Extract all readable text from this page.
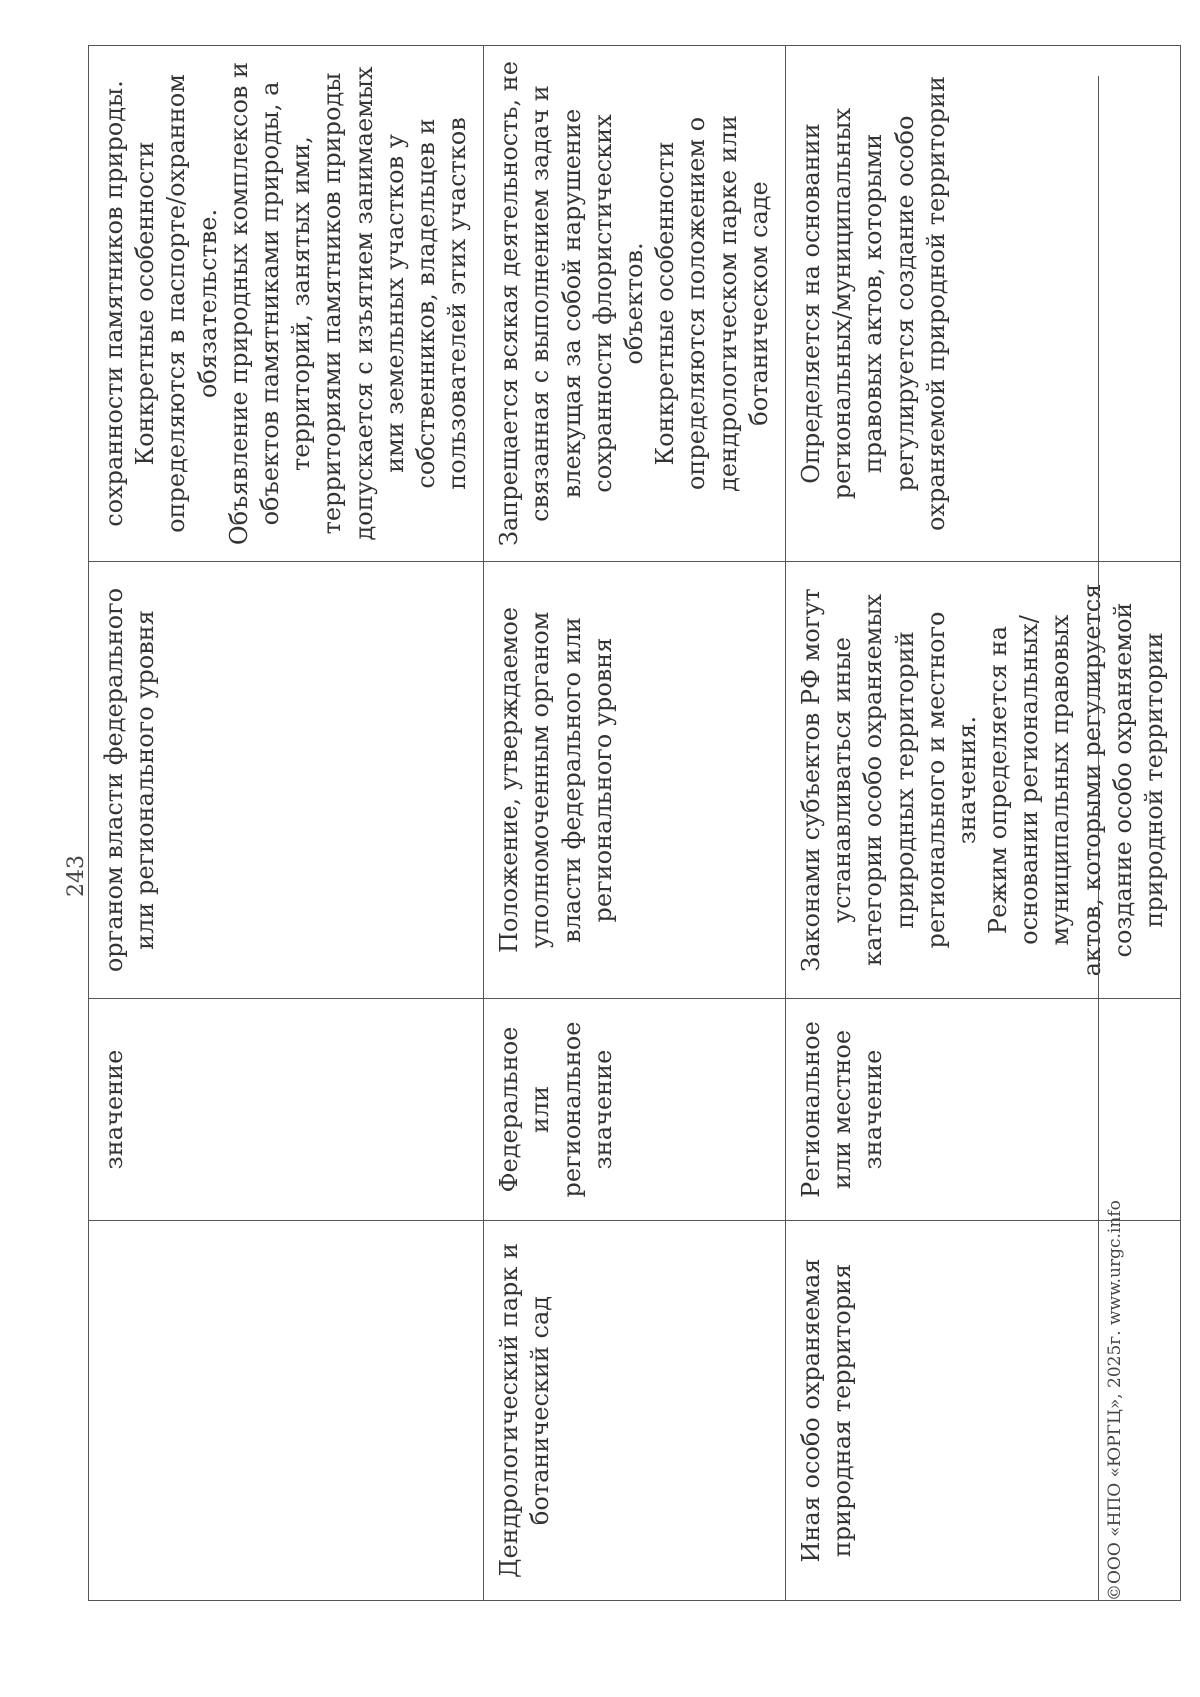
243
	значение	органом власти федерального или регионального уровня	сохранности памятников природы. Конкретные особенности определяются в паспорте/охранном обязательстве. Объявление природных комплексов и объектов памятниками природы, а территорий, занятых ими, территориями памятников природы допускается с изъятием занимаемых ими земельных участков у собственников, владельцев и пользователей этих участков

Дендрологический парк и ботанический сад	Федеральное или региональное значение	Положение, утверждаемое уполномоченным органом власти федерального или регионального уровня	Запрещается всякая деятельность, не связанная с выполнением задач и влекущая за собой нарушение сохранности флористических объектов. Конкретные особенности определяются положением о дендрологическом парке или ботаническом саде

Иная особо охраняемая природная территория	Региональное или местное значение	Законами субъектов РФ могут устанавливаться иные категории особо охраняемых природных территорий регионального и местного значения. Режим определяется на основании региональных/муниципальных правовых актов, которыми регулируется создание особо охраняемой природной территории	Определяется на основании региональных/муниципальных правовых актов, которыми регулируется создание особо охраняемой природной территории
©ООО «НПО «ЮРГЦ», 2025г. www.urgc.info
